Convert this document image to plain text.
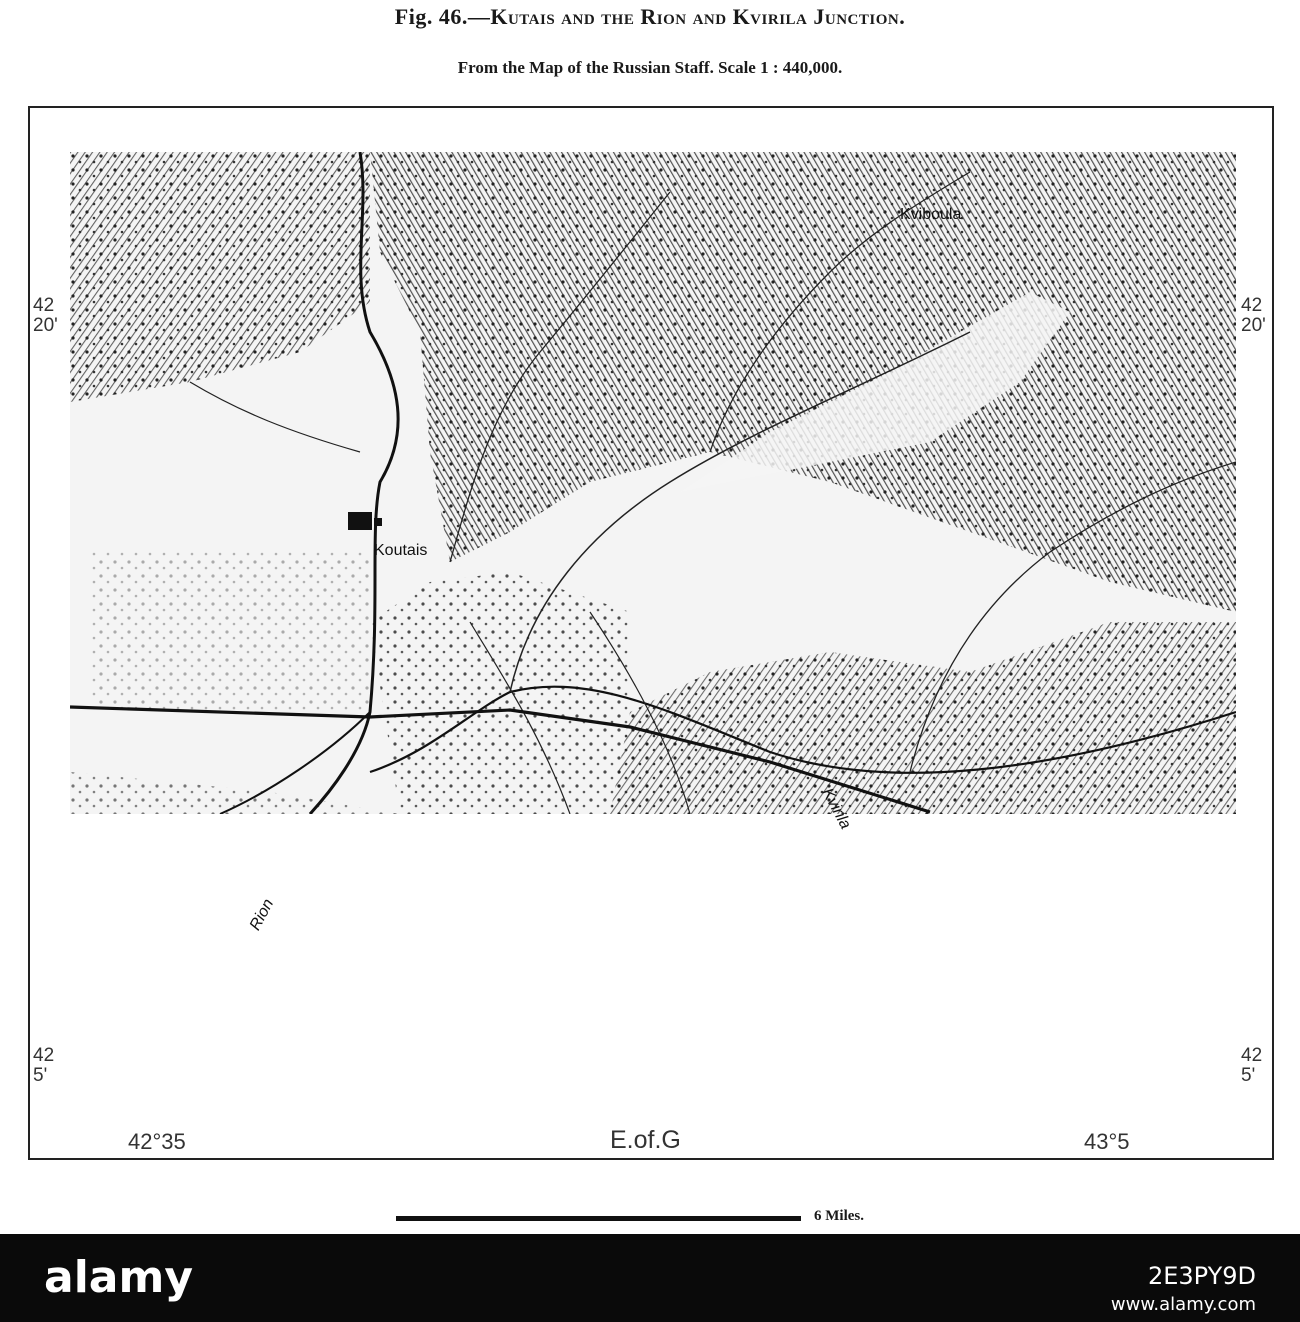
Fig. 46.—Kutais and the Rion and Kvirila Junction.
From the Map of the Russian Staff. Scale 1 : 440,000.
Koutais
Kviboula
Rion
Kvirila
42
20'
42
20'
42
5'
42
5'
42°35	E.of.G	43°5
6 Miles.
alamy	2E3PY9D
www.alamy.com
